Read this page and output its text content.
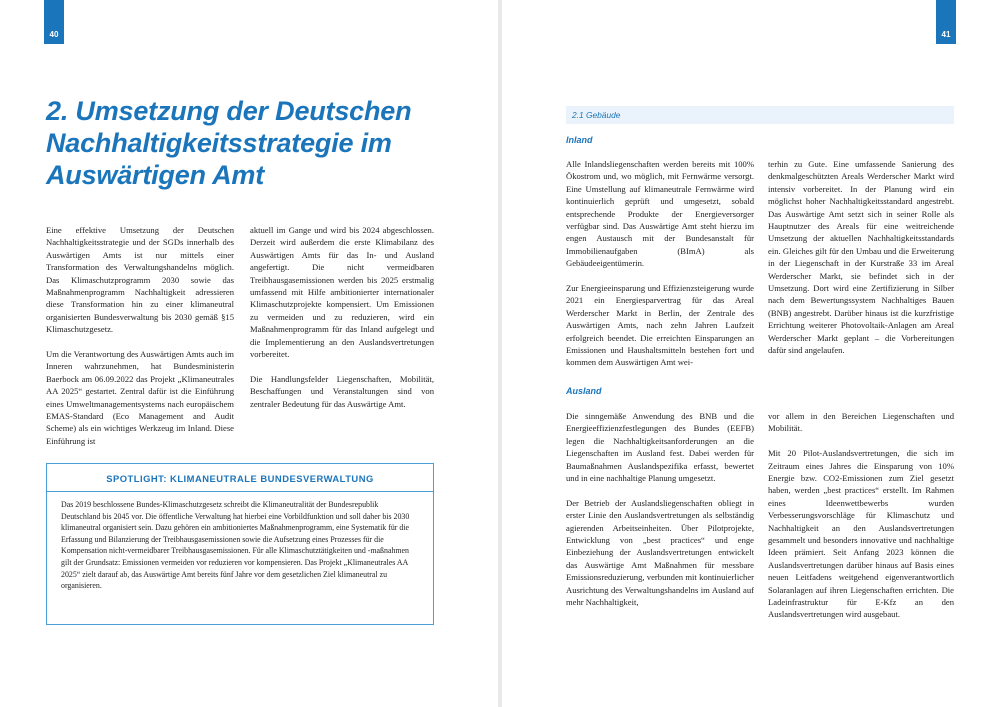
40
2. Umsetzung der Deutschen Nachhaltigkeitsstrategie im Auswärtigen Amt

Eine effektive Umsetzung der Deutschen Nachhaltigkeitsstrategie und der SGDs innerhalb des Auswärtigen Amts ist nur mittels einer Transformation des Verwaltungshandelns möglich. Das Klimaschutzprogramm 2030 sowie das Maßnahmenprogramm Nachhaltigkeit adressieren diese Transformation hin zu einer klimaneutral organisierten Bundesverwaltung bis 2030 gemäß §15 Klimaschutzgesetz.

Um die Verantwortung des Auswärtigen Amts auch im Inneren wahrzunehmen, hat Bundesministerin Baerbock am 06.09.2022 das Projekt „Klimaneutrales AA 2025“ gestartet. Zentral dafür ist die Einführung eines Umweltmanagementsystems nach europäischem EMAS-Standard (Eco Management and Audit Scheme) als ein wichtiges Werkzeug im Inland. Diese Einführung ist

aktuell im Gange und wird bis 2024 abgeschlossen. Derzeit wird außerdem die erste Klimabilanz des Auswärtigen Amts für das In- und Ausland angefertigt. Die nicht vermeidbaren Treibhausgasemissionen werden bis 2025 erstmalig umfassend mit Hilfe ambitionierter internationaler Klimaschutzprojekte kompensiert. Um Emissionen zu vermeiden und zu reduzieren, wird ein Maßnahmenprogramm für das Inland aufgelegt und die Implementierung an den Auslandsvertretungen vorbereitet.

Die Handlungsfelder Liegenschaften, Mobilität, Beschaffungen und Veranstaltungen sind von zentraler Bedeutung für das Auswärtige Amt.

SPOTLIGHT: KLIMANEUTRALE BUNDESVERWALTUNG
Das 2019 beschlossene Bundes-Klimaschutzgesetz schreibt die Klimaneutralität der Bundesrepublik Deutschland bis 2045 vor. Die öffentliche Verwaltung hat hierbei eine Vorbildfunktion und soll daher bis 2030 klimaneutral organisiert sein. Dazu gehören ein ambitioniertes Maßnahmenprogramm, eine Systematik für die Erfassung und Bilanzierung der Treibhausgasemissionen sowie die Aufsetzung eines Prozesses für die Kompensation nicht-vermeidbarer Treibhausgasemissionen. Für alle Klimaschutztätigkeiten und -maßnahmen gilt der Grundsatz: Emissionen vermeiden vor reduzieren vor kompensieren. Das Projekt „Klimaneutrales AA 2025“ zielt darauf ab, das Auswärtige Amt bereits fünf Jahre vor dem gesetzlichen Ziel klimaneutral zu organisieren.
41
2.1 Gebäude
Inland

Alle Inlandsliegenschaften werden bereits mit 100% Ökostrom und, wo möglich, mit Fernwärme versorgt. Eine Umstellung auf klimaneutrale Fernwärme wird kontinuierlich geprüft und umgesetzt, sobald entsprechende Produkte der Energieversorger verfügbar sind. Das Auswärtige Amt steht hierzu im engen Austausch mit der Bundesanstalt für Immobilienaufgaben (BImA) als Gebäudeeigentümerin.

Zur Energieeinsparung und Effizienzsteigerung wurde 2021 ein Energiesparvertrag für das Areal Werderscher Markt in Berlin, der Zentrale des Auswärtigen Amts, nach zehn Jahren Laufzeit erfolgreich beendet. Die erreichten Einsparungen an Emissionen und Haushaltsmitteln bestehen fort und kommen dem Auswärtigen Amt wei-

terhin zu Gute. Eine umfassende Sanierung des denkmalgeschützten Areals Werderscher Markt wird intensiv vorbereitet. In der Planung wird ein möglichst hoher Nachhaltigkeitsstandard angestrebt. Das Auswärtige Amt setzt sich in seiner Rolle als Hauptnutzer des Areals für eine weitreichende Umsetzung der aktuellen Nachhaltigkeitsstandards ein. Gleiches gilt für den Umbau und die Erweiterung in der Liegenschaft in der Kurstraße 33 im Areal Werderscher Markt, sie befindet sich in der Umsetzung. Dort wird eine Zertifizierung in Silber nach dem Bewertungssystem Nachhaltiges Bauen (BNB) angestrebt. Darüber hinaus ist die kurzfristige Errichtung weiterer Photovoltaik-Anlagen am Areal Werderscher Markt geplant – die Vorbereitungen dafür sind angelaufen.

Ausland

Die sinngemäße Anwendung des BNB und die Energieeffizienzfestlegungen des Bundes (EEFB) legen die Nachhaltigkeitsanforderungen an die Liegenschaften im Ausland fest. Dabei werden für Baumaßnahmen Auslandspezifika erfasst, bewertet und in eine nachhaltige Planung umgesetzt.

Der Betrieb der Auslandsliegenschaften obliegt in erster Linie den Auslandsvertretungen als selbständig agierenden Arbeitseinheiten. Über Pilotprojekte, Entwicklung von „best practices“ und enge Einbeziehung der Auslandsvertretungen entwickelt das Auswärtige Amt Maßnahmen für messbare Emissionsreduzierung, verbunden mit kontinuierlicher Ausrichtung des Verwaltungshandelns im Ausland auf mehr Nachhaltigkeit,

vor allem in den Bereichen Liegenschaften und Mobilität.

Mit 20 Pilot-Auslandsvertretungen, die sich im Zeitraum eines Jahres die Einsparung von 10% Energie bzw. CO2-Emissionen zum Ziel gesetzt haben, werden „best practices“ erstellt. Im Rahmen eines Ideenwettbewerbs wurden Verbesserungsvorschläge für Klimaschutz und Nachhaltigkeit an den Auslandsvertretungen gesammelt und besonders innovative und nachhaltige Ideen prämiert. Seit Anfang 2023 können die Auslandsvertretungen darüber hinaus auf Basis eines neuen Leitfadens weitgehend eigenverantwortlich Solaranlagen auf ihren Liegenschaften errichten. Die Ladeinfrastruktur für E-Kfz an den Auslandsvertretungen wird ausgebaut.
